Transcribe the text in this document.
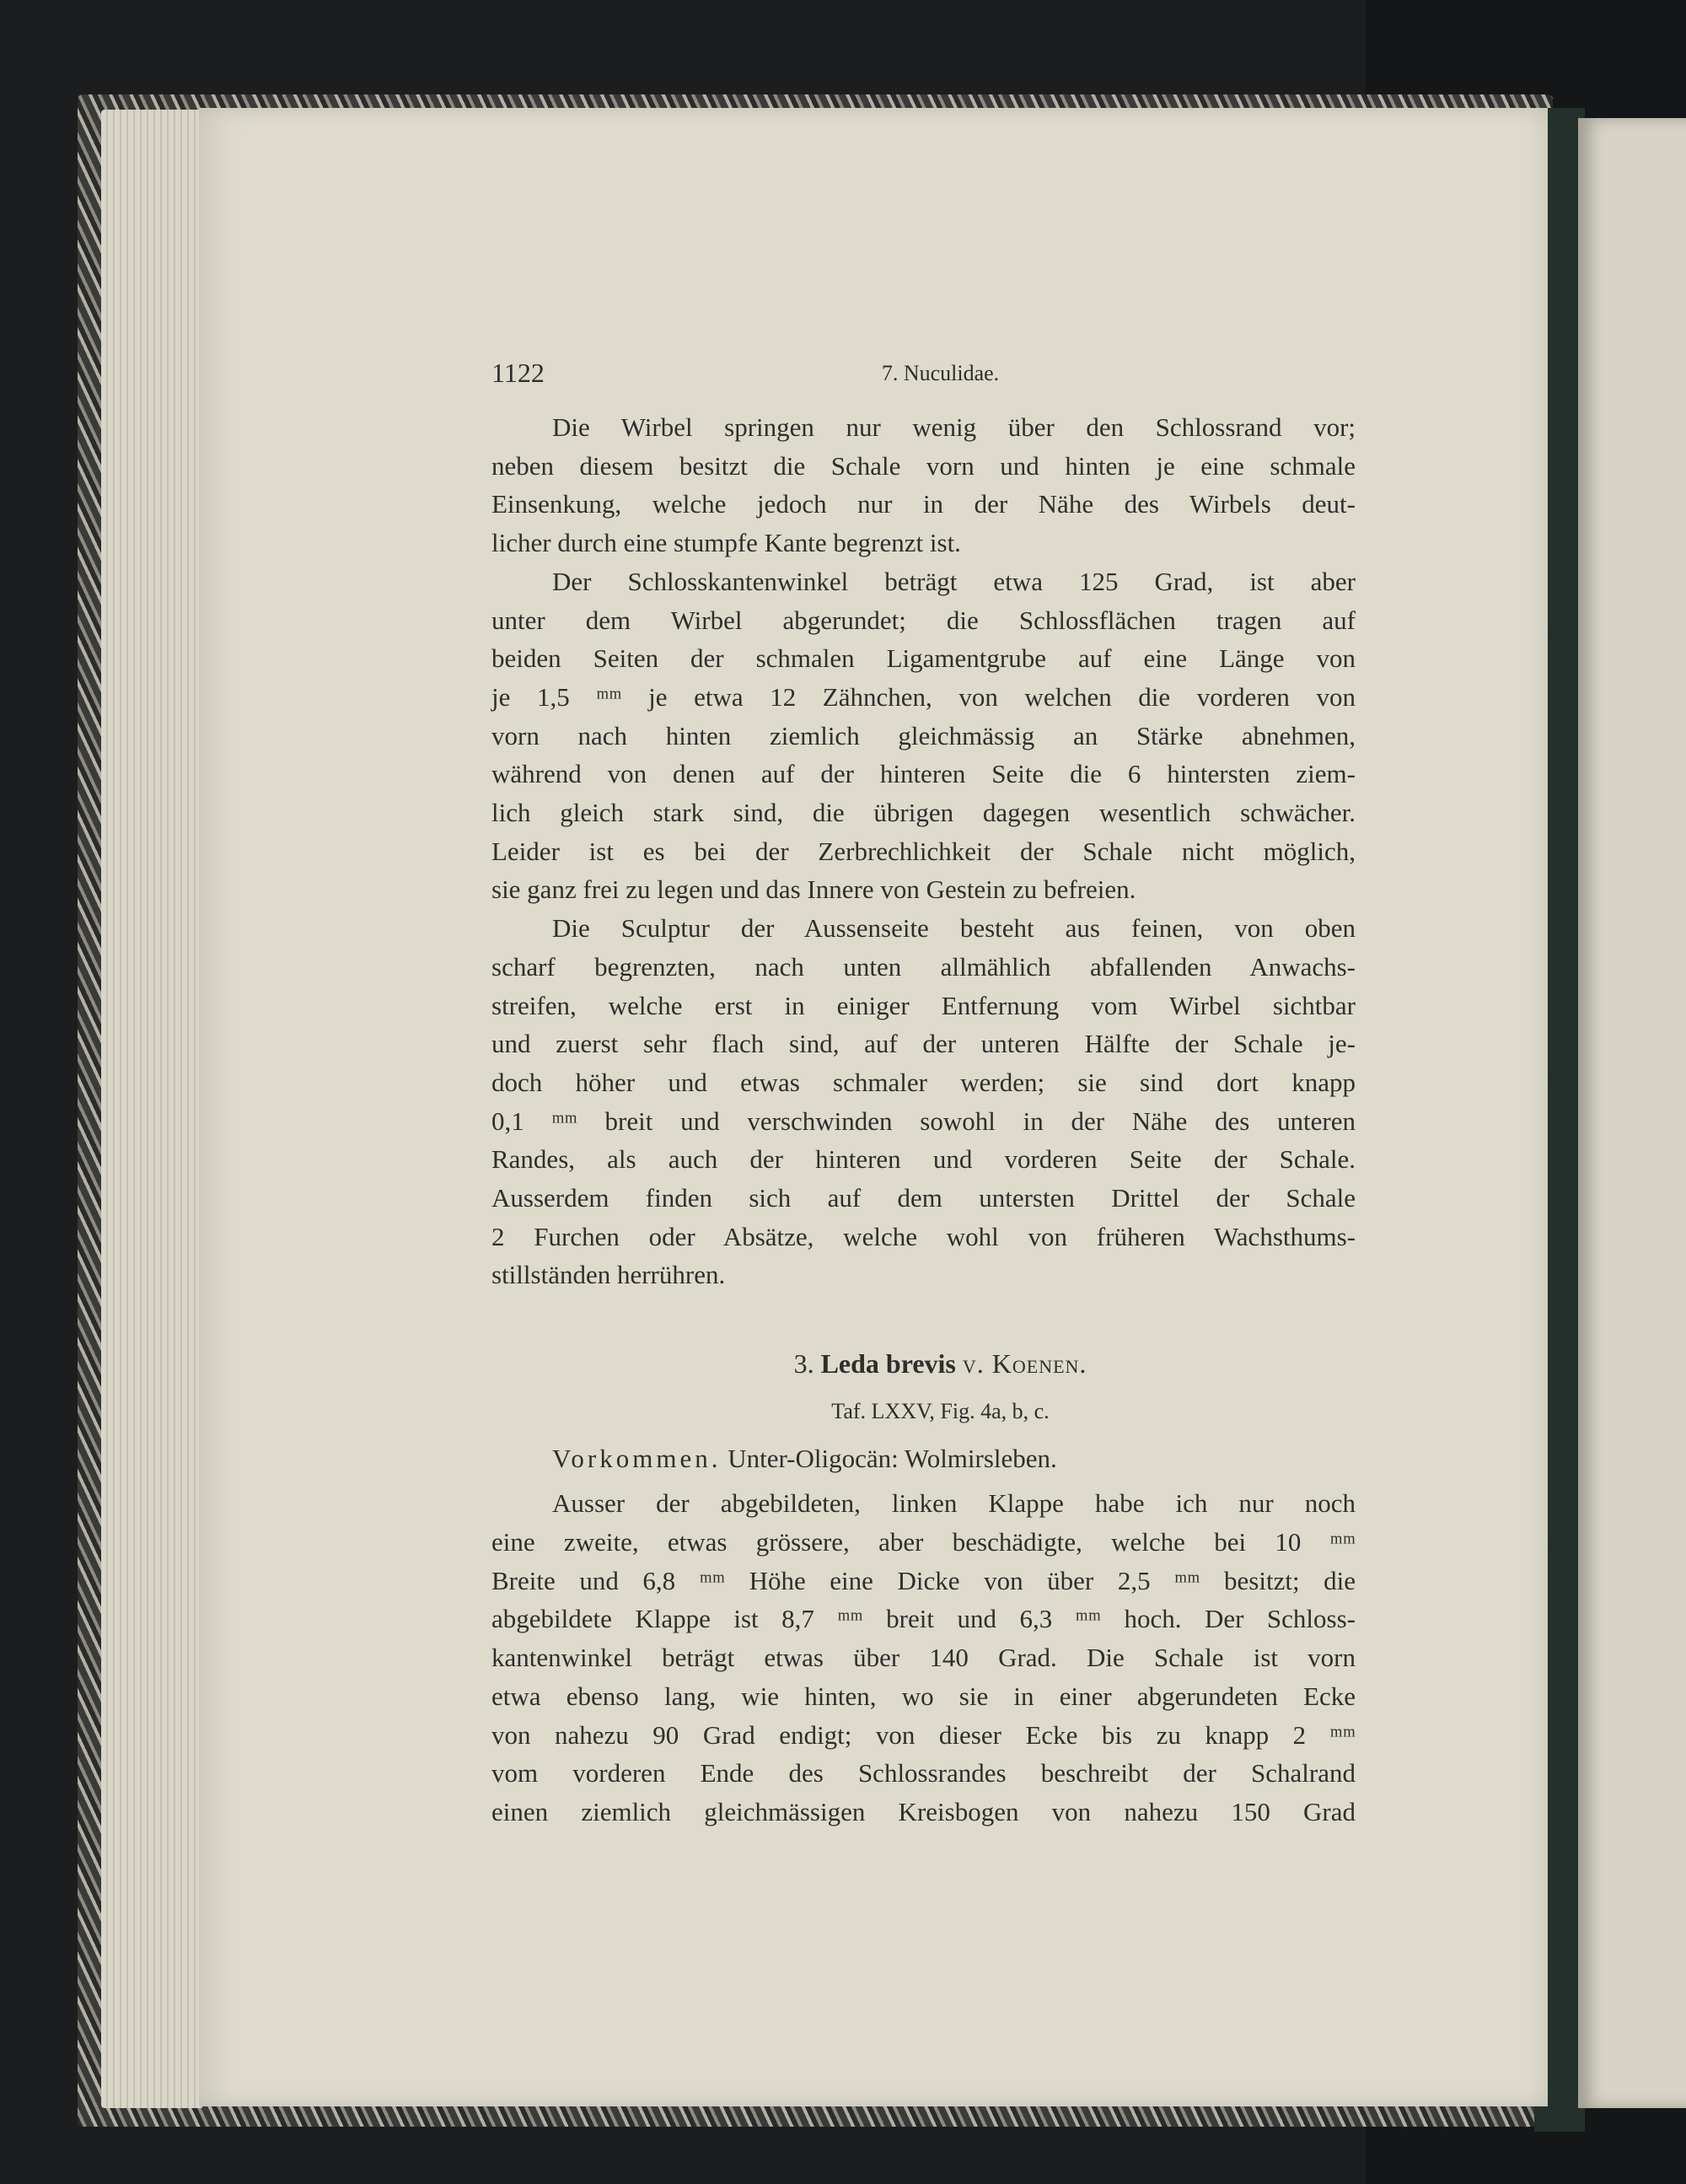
1122	7. Nuculidae.

Die Wirbel springen nur wenig über den Schlossrand vor;

neben diesem besitzt die Schale vorn und hinten je eine schmale

Einsenkung, welche jedoch nur in der Nähe des Wirbels deut-

licher durch eine stumpfe Kante begrenzt ist.

Der Schlosskantenwinkel beträgt etwa 125 Grad, ist aber

unter dem Wirbel abgerundet; die Schlossflächen tragen auf

beiden Seiten der schmalen Ligamentgrube auf eine Länge von

je 1,5 ᵐᵐ je etwa 12 Zähnchen, von welchen die vorderen von

vorn nach hinten ziemlich gleichmässig an Stärke abnehmen,

während von denen auf der hinteren Seite die 6 hintersten ziem-

lich gleich stark sind, die übrigen dagegen wesentlich schwächer.

Leider ist es bei der Zerbrechlichkeit der Schale nicht möglich,

sie ganz frei zu legen und das Innere von Gestein zu befreien.

Die Sculptur der Aussenseite besteht aus feinen, von oben

scharf begrenzten, nach unten allmählich abfallenden Anwachs-

streifen, welche erst in einiger Entfernung vom Wirbel sichtbar

und zuerst sehr flach sind, auf der unteren Hälfte der Schale je-

doch höher und etwas schmaler werden; sie sind dort knapp

0,1 ᵐᵐ breit und verschwinden sowohl in der Nähe des unteren

Randes, als auch der hinteren und vorderen Seite der Schale.

Ausserdem finden sich auf dem untersten Drittel der Schale

2 Furchen oder Absätze, welche wohl von früheren Wachsthums-

stillständen herrühren.

3. Leda brevis v. Koenen.
Taf. LXXV, Fig. 4a, b, c.
Vorkommen. Unter-Oligocän: Wolmirsleben.

Ausser der abgebildeten, linken Klappe habe ich nur noch

eine zweite, etwas grössere, aber beschädigte, welche bei 10 ᵐᵐ

Breite und 6,8 ᵐᵐ Höhe eine Dicke von über 2,5 ᵐᵐ besitzt; die

abgebildete Klappe ist 8,7 ᵐᵐ breit und 6,3 ᵐᵐ hoch. Der Schloss-

kantenwinkel beträgt etwas über 140 Grad. Die Schale ist vorn

etwa ebenso lang, wie hinten, wo sie in einer abgerundeten Ecke

von nahezu 90 Grad endigt; von dieser Ecke bis zu knapp 2 ᵐᵐ

vom vorderen Ende des Schlossrandes beschreibt der Schalrand

einen ziemlich gleichmässigen Kreisbogen von nahezu 150 Grad
